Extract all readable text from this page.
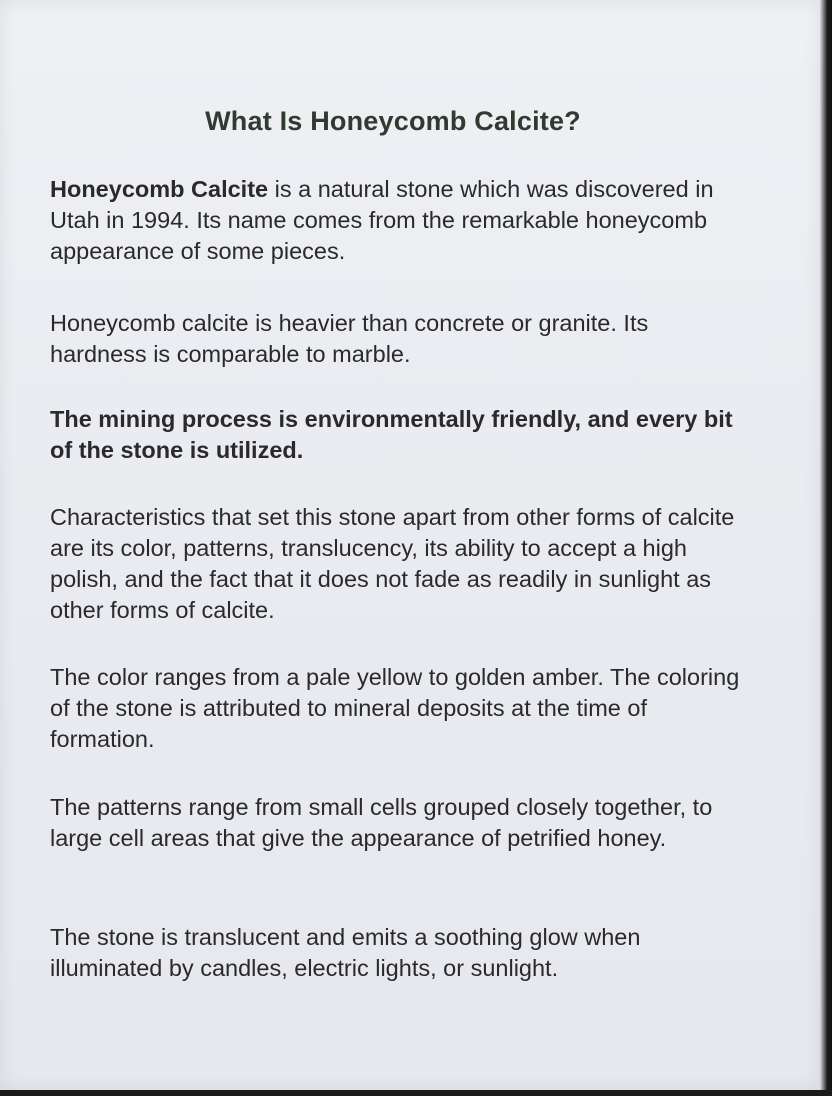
What Is Honeycomb Calcite?
Honeycomb Calcite is a natural stone which was discovered in Utah in 1994. Its name comes from the remarkable honeycomb appearance of some pieces.
Honeycomb calcite is heavier than concrete or granite. Its hardness is comparable to marble.
The mining process is environmentally friendly, and every bit of the stone is utilized.
Characteristics that set this stone apart from other forms of calcite are its color, patterns, translucency, its ability to accept a high polish, and the fact that it does not fade as readily in sunlight as other forms of calcite.
The color ranges from a pale yellow to golden amber. The coloring of the stone is attributed to mineral deposits at the time of formation.
The patterns range from small cells grouped closely together, to large cell areas that give the appearance of petrified honey.
The stone is translucent and emits a soothing glow when illuminated by candles, electric lights, or sunlight.
